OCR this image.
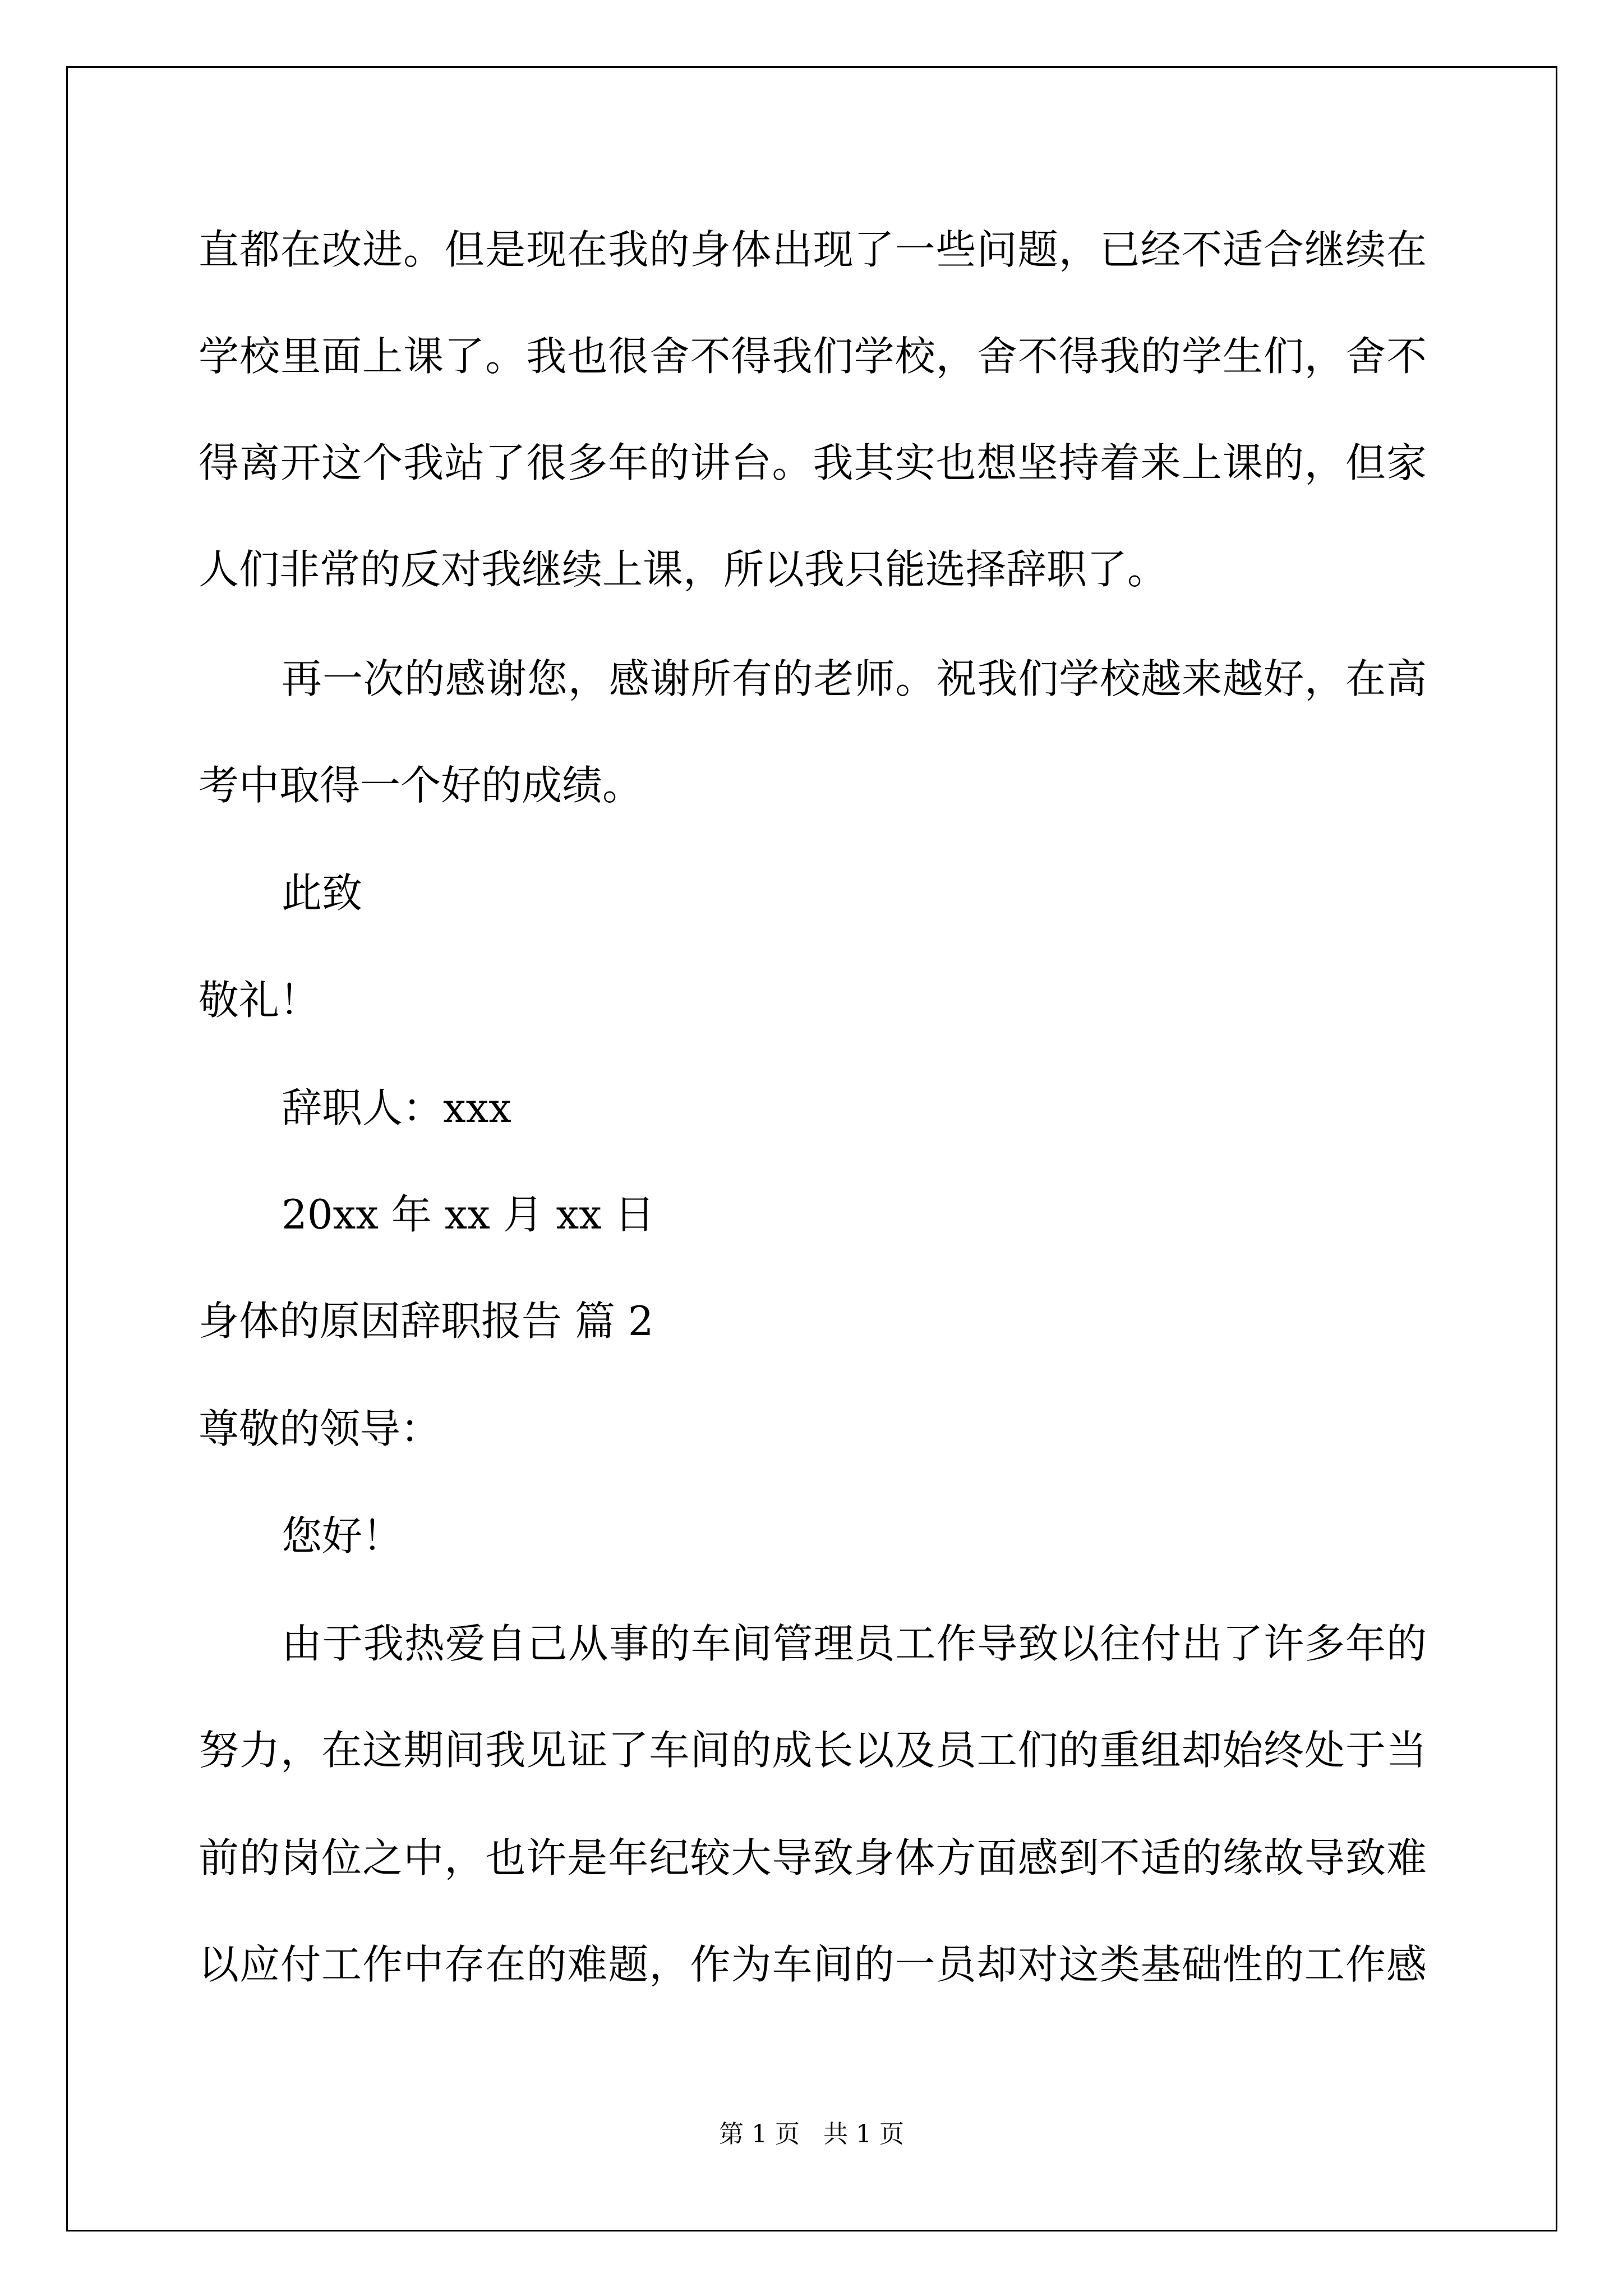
直都在改进。但是现在我的身体出现了一些问题，已经不适合继续在

学校里面上课了。我也很舍不得我们学校，舍不得我的学生们，舍不

得离开这个我站了很多年的讲台。我其实也想坚持着来上课的，但家

人们非常的反对我继续上课，所以我只能选择辞职了。

再一次的感谢您，感谢所有的老师。祝我们学校越来越好，在高

考中取得一个好的成绩。

此致

敬礼！

辞职人：xxx

20xx 年 xx 月 xx 日

身体的原因辞职报告 篇 2

尊敬的领导：

您好！

由于我热爱自己从事的车间管理员工作导致以往付出了许多年的

努力，在这期间我见证了车间的成长以及员工们的重组却始终处于当

前的岗位之中，也许是年纪较大导致身体方面感到不适的缘故导致难

以应付工作中存在的难题，作为车间的一员却对这类基础性的工作感

第 1 页   共 1 页
